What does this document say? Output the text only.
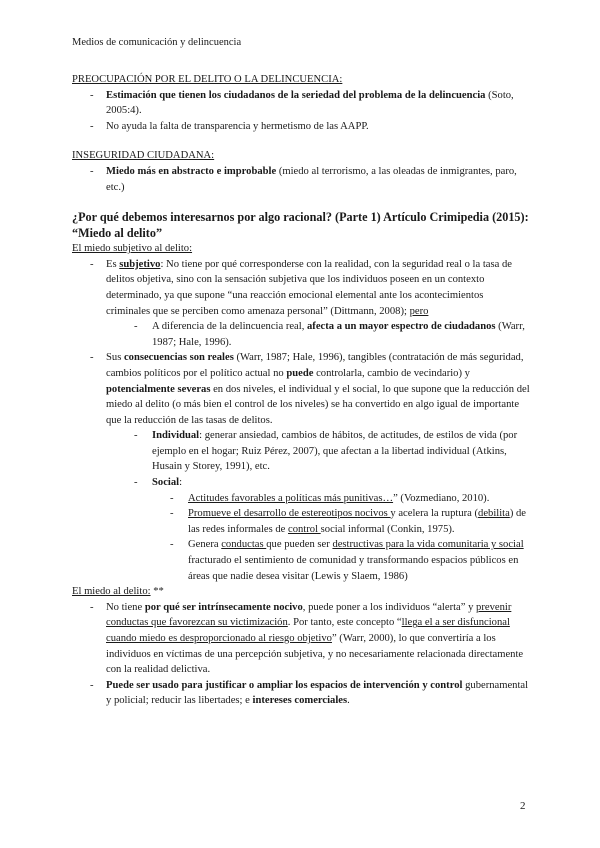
Medios de comunicación y delincuencia

PREOCUPACIÓN POR EL DELITO O LA DELINCUENCIA:

- Estimación que tienen los ciudadanos de la seriedad del problema de la delincuencia (Soto, 2005:4).
- No ayuda la falta de transparencia y hermetismo de las AAPP.

INSEGURIDAD CIUDADANA:

- Miedo más en abstracto e improbable (miedo al terrorismo, a las oleadas de inmigrantes, paro, etc.)

¿Por qué debemos interesarnos por algo racional? (Parte 1) Artículo Crimipedia (2015): “Miedo al delito”

El miedo subjetivo al delito:

- Es subjetivo: No tiene por qué corresponderse con la realidad, con la seguridad real o la tasa de delitos objetiva, sino con la sensación subjetiva que los individuos poseen en un contexto determinado, ya que supone “una reacción emocional elemental ante los acontecimientos criminales que se perciben como amenaza personal” (Dittmann, 2008); pero
- A diferencia de la delincuencia real, afecta a un mayor espectro de ciudadanos (Warr, 1987; Hale, 1996).
- Sus consecuencias son reales (Warr, 1987; Hale, 1996), tangibles (contratación de más seguridad, cambios políticos por el político actual no puede controlarla, cambio de vecindario) y potencialmente severas en dos niveles, el individual y el social, lo que supone que la reducción del miedo al delito (o más bien el control de los niveles) se ha convertido en algo igual de importante que la reducción de las tasas de delitos.
- Individual: generar ansiedad, cambios de hábitos, de actitudes, de estilos de vida (por ejemplo en el hogar; Ruiz Pérez, 2007), que afectan a la libertad individual (Atkins, Husain y Storey, 1991), etc.
- Social:
- Actitudes favorables a políticas más punitivas…” (Vozmediano, 2010).
- Promueve el desarrollo de estereotipos nocivos y acelera la ruptura (debilita) de las redes informales de control social informal (Conkin, 1975).
- Genera conductas que pueden ser destructivas para la vida comunitaria y social fracturado el sentimiento de comunidad y transformando espacios públicos en áreas que nadie desea visitar (Lewis y Slaem, 1986)

El miedo al delito: **

- No tiene por qué ser intrínsecamente nocivo, puede poner a los individuos “alerta” y prevenir conductas que favorezcan su victimización. Por tanto, este concepto “llega el a ser disfuncional cuando miedo es desproporcionado al riesgo objetivo” (Warr, 2000), lo que convertiría a los individuos en víctimas de una percepción subjetiva, y no necesariamente relacionada directamente con la realidad delictiva.
- Puede ser usado para justificar o ampliar los espacios de intervención y control gubernamental y policial; reducir las libertades; e intereses comerciales.
2
